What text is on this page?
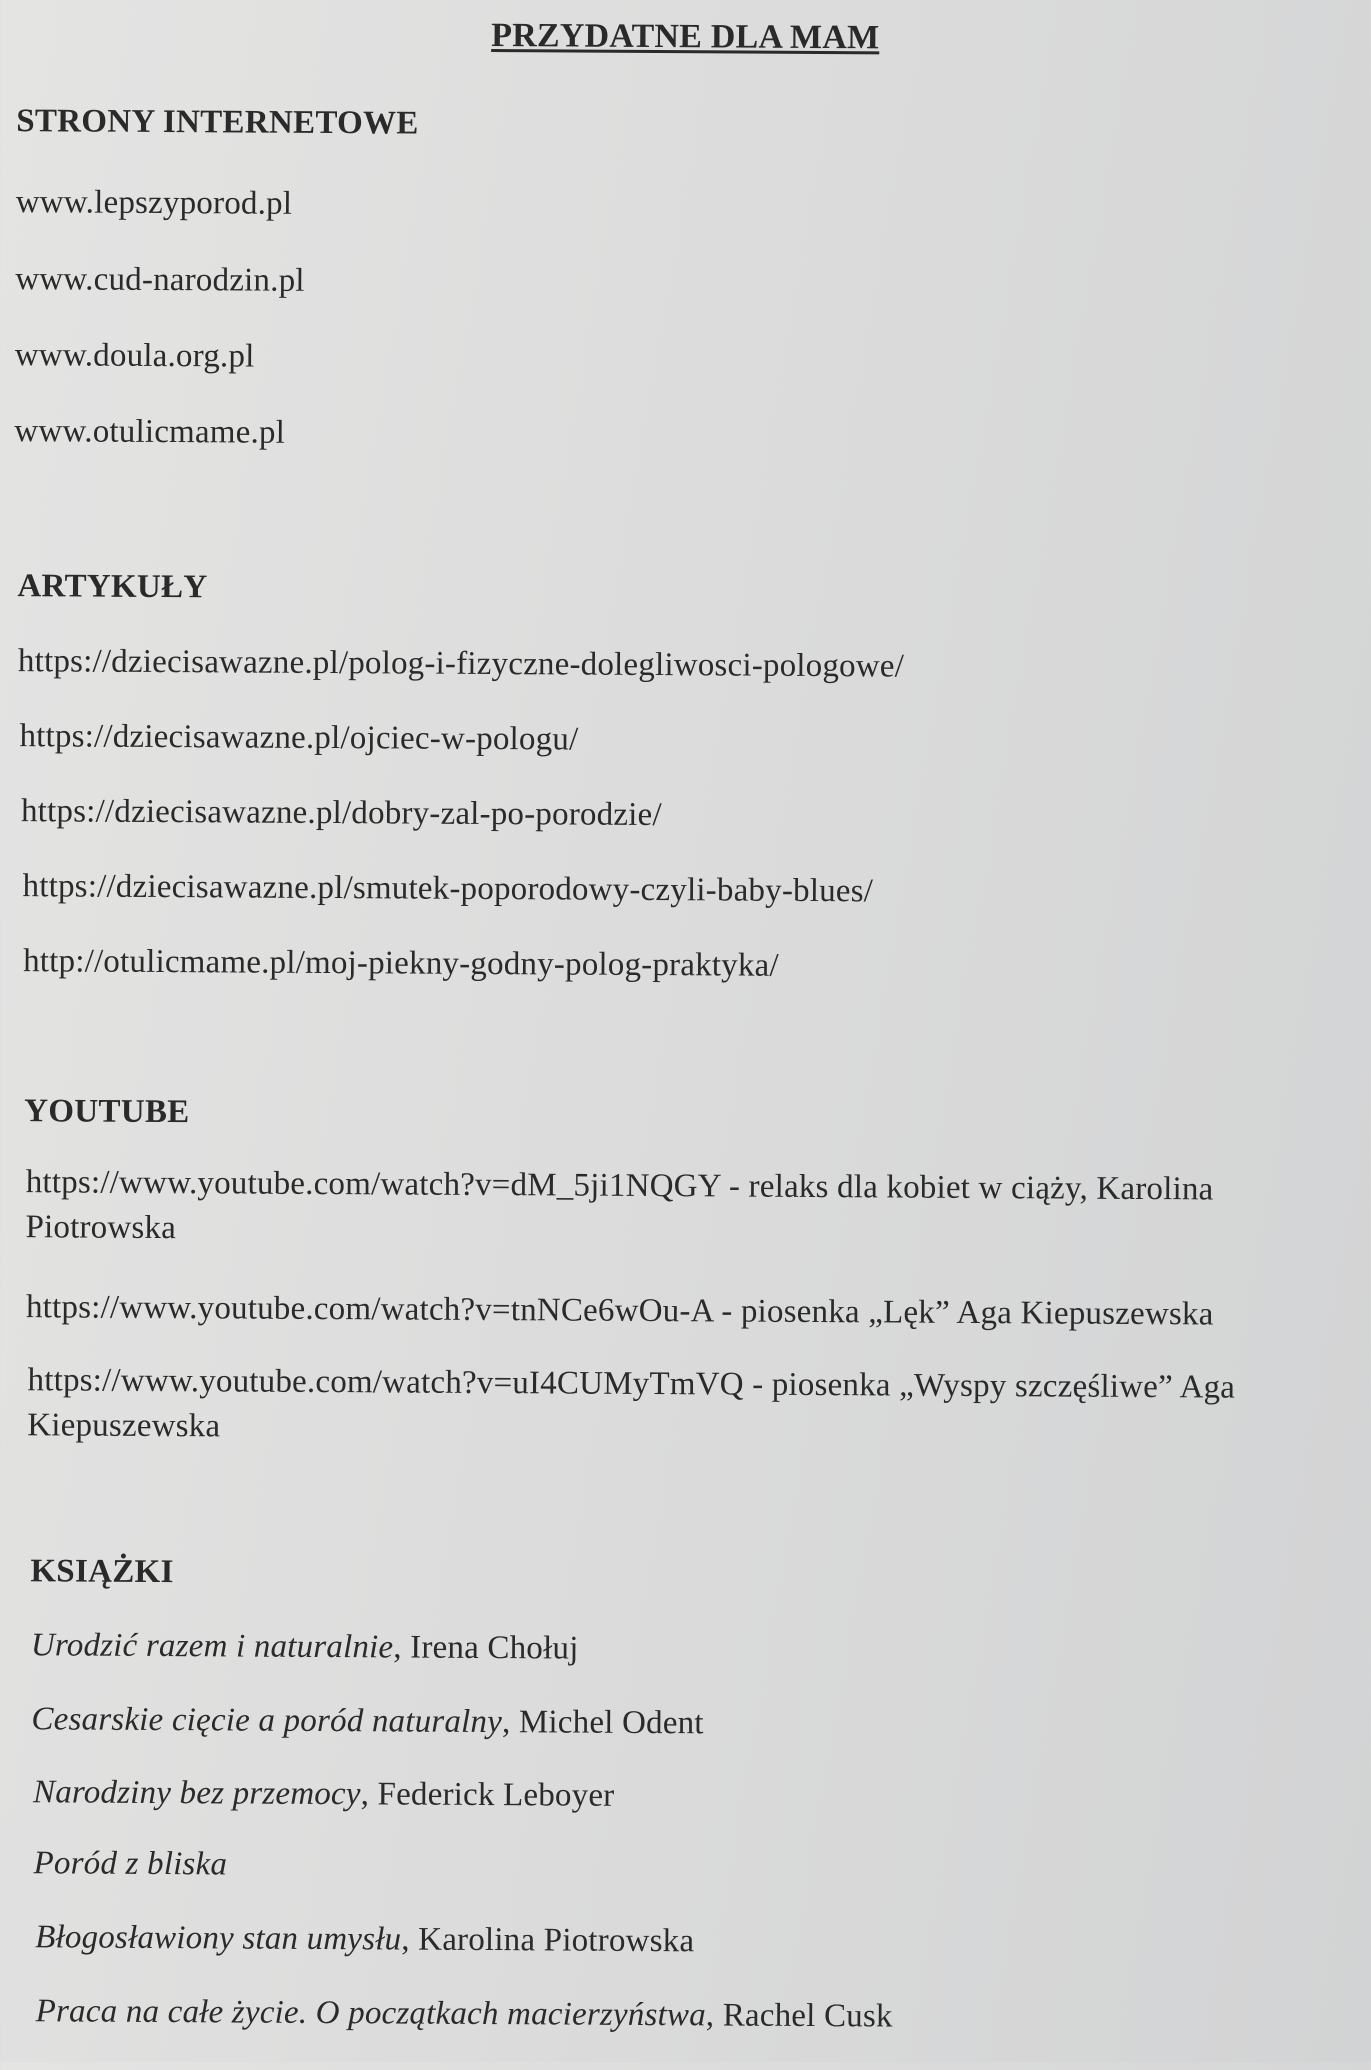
PRZYDATNE DLA MAM
STRONY INTERNETOWE
www.lepszyporod.pl
www.cud-narodzin.pl
www.doula.org.pl
www.otulicmame.pl
ARTYKUŁY
https://dziecisawazne.pl/polog-i-fizyczne-dolegliwosci-pologowe/
https://dziecisawazne.pl/ojciec-w-pologu/
https://dziecisawazne.pl/dobry-zal-po-porodzie/
https://dziecisawazne.pl/smutek-poporodowy-czyli-baby-blues/
http://otulicmame.pl/moj-piekny-godny-polog-praktyka/
YOUTUBE
https://www.youtube.com/watch?v=dM_5ji1NQGY - relaks dla kobiet w ciąży, Karolina Piotrowska
https://www.youtube.com/watch?v=tnNCe6wOu-A - piosenka „Lęk” Aga Kiepuszewska
https://www.youtube.com/watch?v=uI4CUMyTmVQ - piosenka „Wyspy szczęśliwe” Aga Kiepuszewska
KSIĄŻKI
Urodzić razem i naturalnie, Irena Chołuj
Cesarskie cięcie a poród naturalny, Michel Odent
Narodziny bez przemocy, Federick Leboyer
Poród z bliska
Błogosławiony stan umysłu, Karolina Piotrowska
Praca na całe życie. O początkach macierzyństwa, Rachel Cusk
